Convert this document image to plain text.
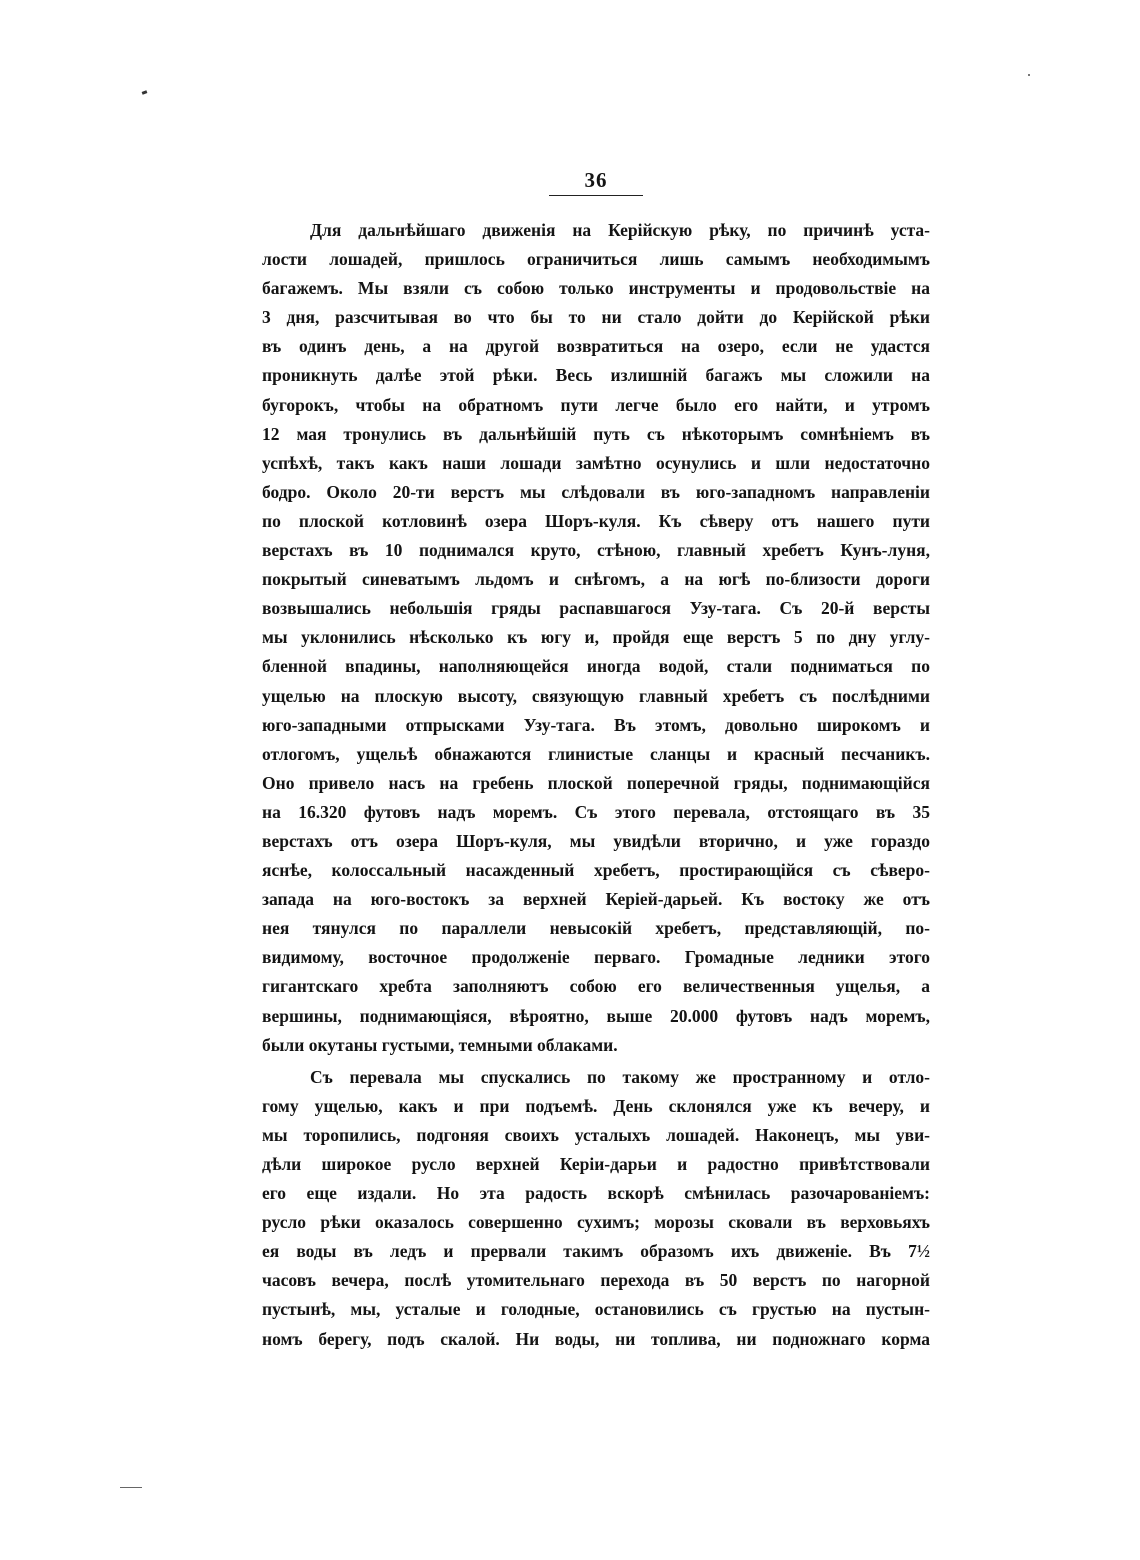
36
Для дальнѣйшаго движенія на Керійскую рѣку, по причинѣ уста-
лости лошадей, пришлось ограничиться лишь самымъ необходимымъ
багажемъ. Мы взяли съ собою только инструменты и продовольствіе на
3 дня, разсчитывая во что бы то ни стало дойти до Керійской рѣки
въ одинъ день, а на другой возвратиться на озеро, если не удастся
проникнуть далѣе этой рѣки. Весь излишній багажъ мы сложили на
бугорокъ, чтобы на обратномъ пути легче было его найти, и утромъ
12 мая тронулись въ дальнѣйшій путь съ нѣкоторымъ сомнѣніемъ въ
успѣхѣ, такъ какъ наши лошади замѣтно осунулись и шли недостаточно
бодро. Около 20-ти верстъ мы слѣдовали въ юго-западномъ направленіи
по плоской котловинѣ озера Шоръ-куля. Къ сѣверу отъ нашего пути
верстахъ въ 10 поднимался круто, стѣною, главный хребетъ Кунъ-луня,
покрытый синеватымъ льдомъ и снѣгомъ, а на югѣ по-близости дороги
возвышались небольшія гряды распавшагося Узу-тага. Съ 20-й версты
мы уклонились нѣсколько къ югу и, пройдя еще верстъ 5 по дну углу-
бленной впадины, наполняющейся иногда водой, стали подниматься по
ущелью на плоскую высоту, связующую главный хребетъ съ послѣдними
юго-западными отпрысками Узу-тага. Въ этомъ, довольно широкомъ и
отлогомъ, ущельѣ обнажаются глинистые сланцы и красный песчаникъ.
Оно привело насъ на гребень плоской поперечной гряды, поднимающійся
на 16.320 футовъ надъ моремъ. Съ этого перевала, отстоящаго въ 35
верстахъ отъ озера Шоръ-куля, мы увидѣли вторично, и уже гораздо
яснѣе, колоссальный насажденный хребетъ, простирающійся съ сѣверо-
запада на юго-востокъ за верхней Керіей-дарьей. Къ востоку же отъ
нея тянулся по параллели невысокій хребетъ, представляющій, по-
видимому, восточное продолженіе перваго. Громадные ледники этого
гигантскаго хребта заполняютъ собою его величественныя ущелья, а
вершины, поднимающіяся, вѣроятно, выше 20.000 футовъ надъ моремъ,
были окутаны густыми, темными облаками.
Съ перевала мы спускались по такому же пространному и отло-
гому ущелью, какъ и при подъемѣ. День склонялся уже къ вечеру, и
мы торопились, подгоняя своихъ усталыхъ лошадей. Наконецъ, мы уви-
дѣли широкое русло верхней Керіи-дарьи и радостно привѣтствовали
его еще издали. Но эта радость вскорѣ смѣнилась разочарованіемъ:
русло рѣки оказалось совершенно сухимъ; морозы сковали въ верховьяхъ
ея воды въ ледъ и прервали такимъ образомъ ихъ движеніе. Въ 7½
часовъ вечера, послѣ утомительнаго перехода въ 50 верстъ по нагорной
пустынѣ, мы, усталые и голодные, остановились съ грустью на пустын-
номъ берегу, подъ скалой. Ни воды, ни топлива, ни подножнаго корма
